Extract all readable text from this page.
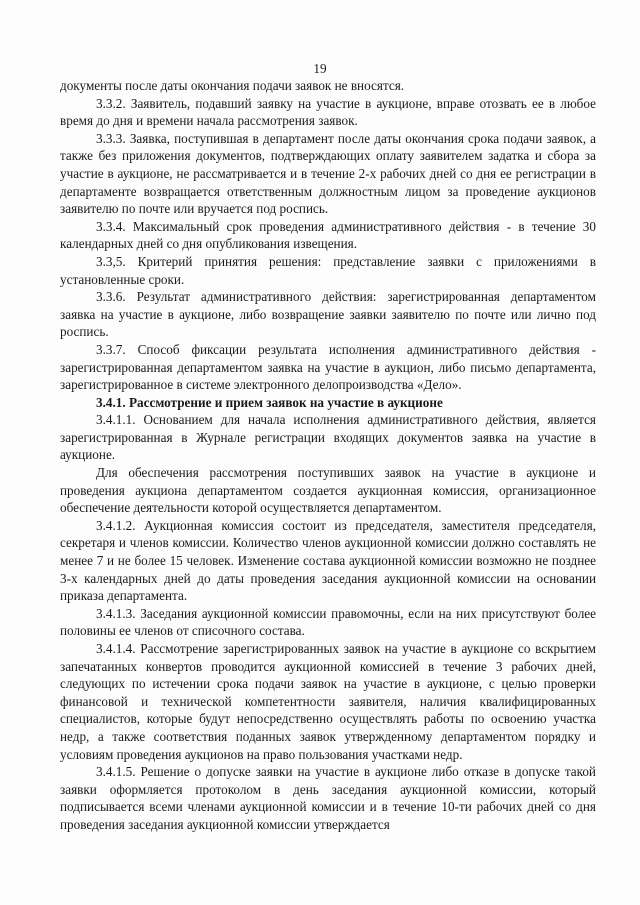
19

документы после даты окончания подачи заявок не вносятся.

3.3.2. Заявитель, подавший заявку на участие в аукционе, вправе отозвать ее в любое время до дня и времени начала рассмотрения заявок.

3.3.3. Заявка, поступившая в департамент после даты окончания срока подачи заявок, а также без приложения документов, подтверждающих оплату заявителем задатка и сбора за участие в аукционе, не рассматривается и в течение 2-х рабочих дней со дня ее регистрации в департаменте возвращается ответственным должностным лицом за проведение аукционов заявителю по почте или вручается под роспись.

3.3.4. Максимальный срок проведения административного действия - в течение 30 календарных дней со дня опубликования извещения.

3.3,5. Критерий принятия решения: представление заявки с приложениями в установленные сроки.

3.3.6. Результат административного действия: зарегистрированная департаментом заявка на участие в аукционе, либо возвращение заявки заявителю по почте или лично под роспись.

3.3.7. Способ фиксации результата исполнения административного действия - зарегистрированная департаментом заявка на участие в аукцион, либо письмо департамента, зарегистрированное в системе электронного делопроизводства «Дело».

3.4.1. Рассмотрение и прием заявок на участие в аукционе

3.4.1.1. Основанием для начала исполнения административного действия, является зарегистрированная в Журнале регистрации входящих документов заявка на участие в аукционе.

Для обеспечения рассмотрения поступивших заявок на участие в аукционе и проведения аукциона департаментом создается аукционная комиссия, организационное обеспечение деятельности которой осуществляется департаментом.

3.4.1.2. Аукционная комиссия состоит из председателя, заместителя председателя, секретаря и членов комиссии. Количество членов аукционной комиссии должно составлять не менее 7 и не более 15 человек. Изменение состава аукционной комиссии возможно не позднее 3-х календарных дней до даты проведения заседания аукционной комиссии на основании приказа департамента.

3.4.1.3. Заседания аукционной комиссии правомочны, если на них присутствуют более половины ее членов от списочного состава.

3.4.1.4. Рассмотрение зарегистрированных заявок на участие в аукционе со вскрытием запечатанных конвертов проводится аукционной комиссией в течение 3 рабочих дней, следующих по истечении срока подачи заявок на участие в аукционе, с целью проверки финансовой и технической компетентности заявителя, наличия квалифицированных специалистов, которые будут непосредственно осуществлять работы по освоению участка недр, а также соответствия поданных заявок утвержденному департаментом порядку и условиям проведения аукционов на право пользования участками недр.

3.4.1.5. Решение о допуске заявки на участие в аукционе либо отказе в допуске такой заявки оформляется протоколом в день заседания аукционной комиссии, который подписывается всеми членами аукционной комиссии и в течение 10-ти рабочих дней со дня проведения заседания аукционной комиссии утверждается
